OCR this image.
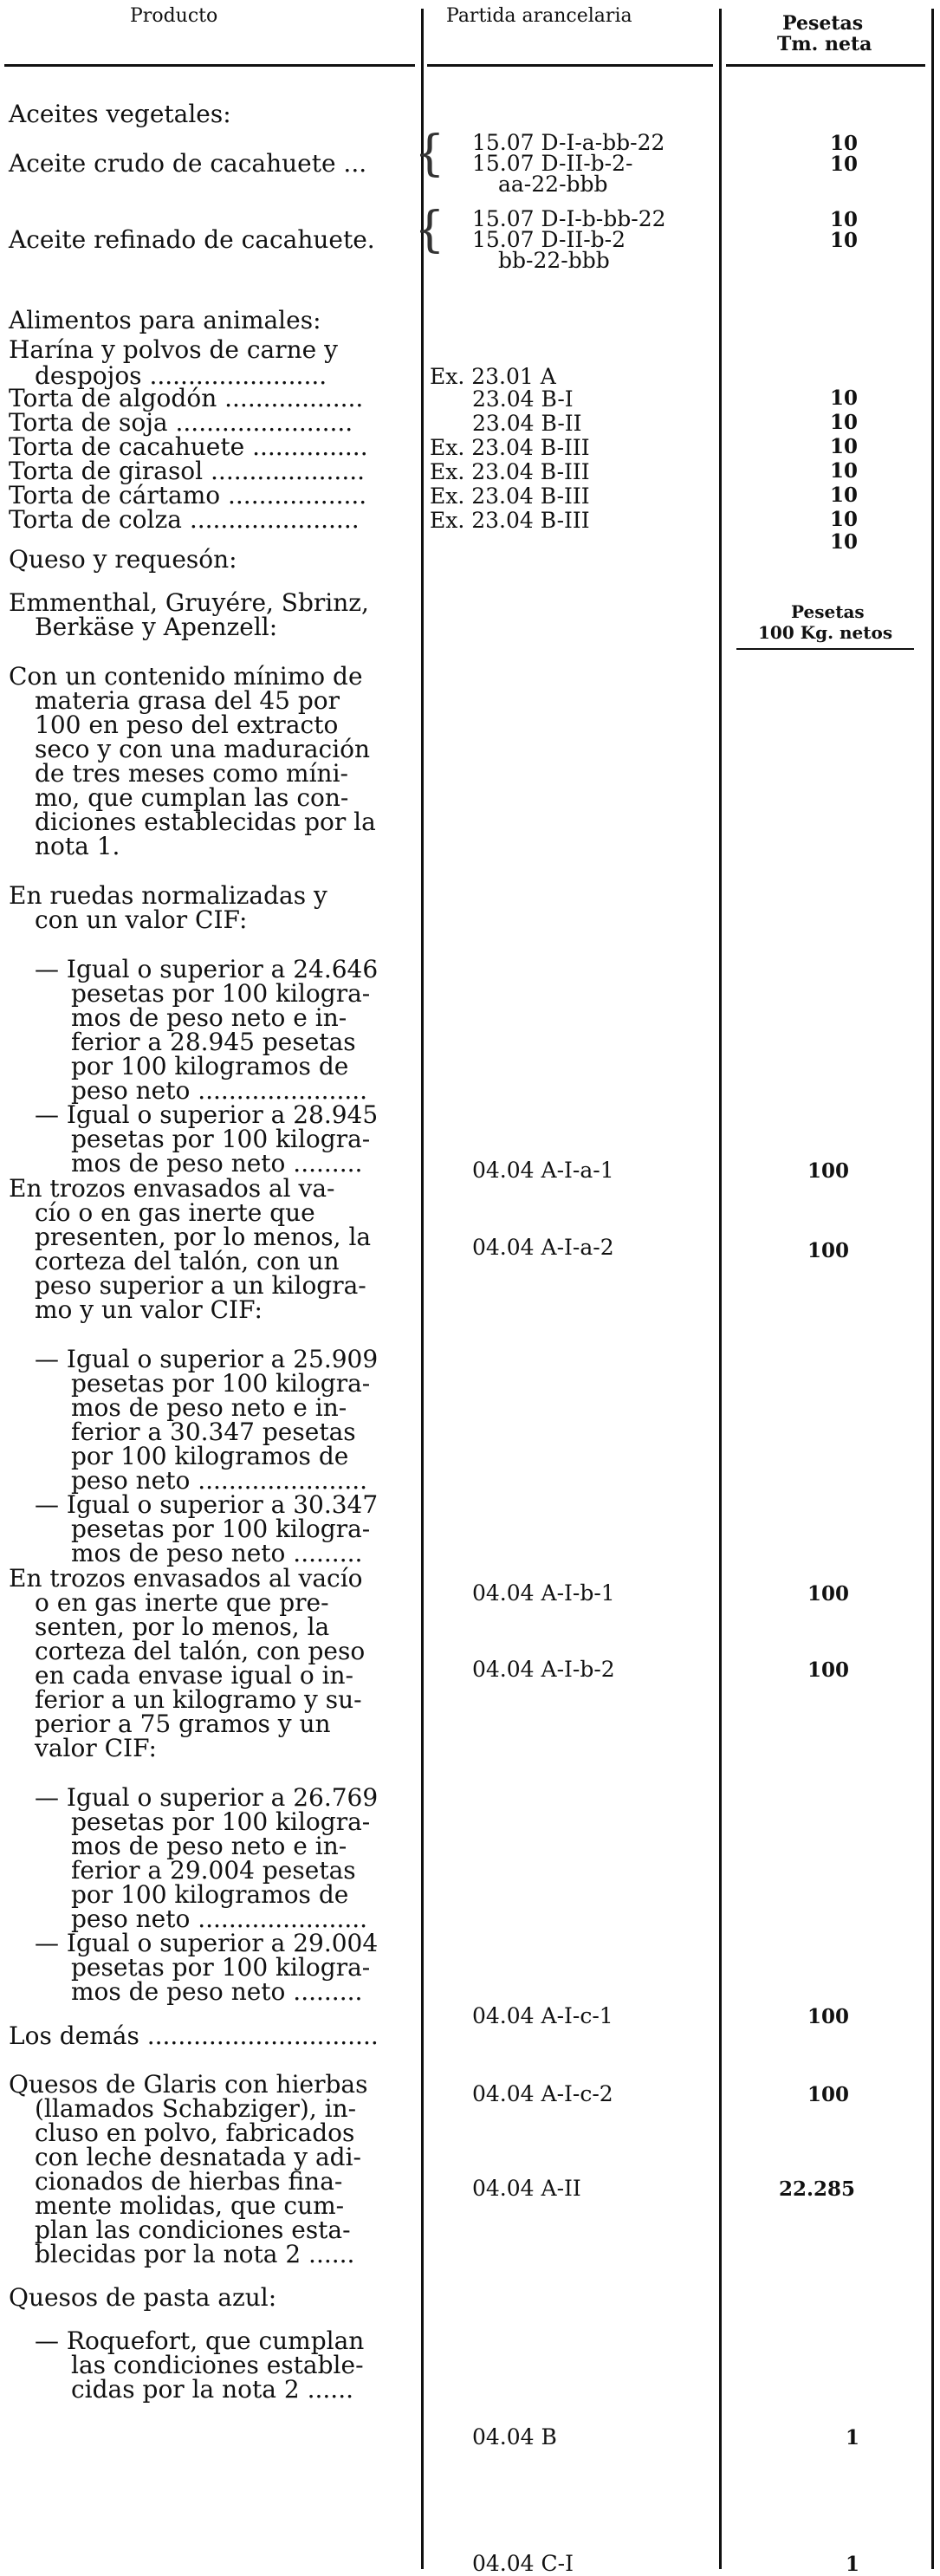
Producto	Partida arancelaria	Pesetas
Tm. neta
Aceites vegetales:
Aceite crudo de cacahuete ...
Aceite refinado de cacahuete.
Alimentos para animales:
Harína y polvos de carne y
despojos .......................
Torta de algodón ..................
Torta de soja .......................
Torta de cacahuete ...............
Torta de girasol ....................
Torta de cártamo ..................
Torta de colza ......................
Queso y requesón:
Emmenthal, Gruyére, Sbrinz,
Berkäse y Apenzell:
Con un contenido mínimo de
materia grasa del 45 por
100 en peso del extracto
seco y con una maduración
de tres meses como míni-
mo, que cumplan las con-
diciones establecidas por la
nota 1.
En ruedas normalizadas y
con un valor CIF:
— Igual o superior a 24.646
pesetas por 100 kilogra-
mos de peso neto e in-
ferior a 28.945 pesetas
por 100 kilogramos de
peso neto ......................
— Igual o superior a 28.945
pesetas por 100 kilogra-
mos de peso neto .........
En trozos envasados al va-
cío o en gas inerte que
presenten, por lo menos, la
corteza del talón, con un
peso superior a un kilogra-
mo y un valor CIF:
— Igual o superior a 25.909
pesetas por 100 kilogra-
mos de peso neto e in-
ferior a 30.347 pesetas
por 100 kilogramos de
peso neto ......................
— Igual o superior a 30.347
pesetas por 100 kilogra-
mos de peso neto .........
En trozos envasados al vacío
o en gas inerte que pre-
senten, por lo menos, la
corteza del talón, con peso
en cada envase igual o in-
ferior a un kilogramo y su-
perior a 75 gramos y un
valor CIF:
— Igual o superior a 26.769
pesetas por 100 kilogra-
mos de peso neto e in-
ferior a 29.004 pesetas
por 100 kilogramos de
peso neto ......................
— Igual o superior a 29.004
pesetas por 100 kilogra-
mos de peso neto .........
Los demás ..............................
Quesos de Glaris con hierbas
(llamados Schabziger), in-
cluso en polvo, fabricados
con leche desnatada y adi-
cionados de hierbas fina-
mente molidas, que cum-
plan las condiciones esta-
blecidas por la nota 2 ......
Quesos de pasta azul:
— Roquefort, que cumplan
las condiciones estable-
cidas por la nota 2 ......
{
{
15.07 D-I-a-bb-22
15.07 D-II-b-2-
aa-22-bbb
15.07 D-I-b-bb-22
15.07 D-II-b-2
bb-22-bbb
Ex. 23.01 A
23.04 B-I
23.04 B-II
Ex. 23.04 B-III
Ex. 23.04 B-III
Ex. 23.04 B-III
Ex. 23.04 B-III
04.04 A-I-a-1
04.04 A-I-a-2
04.04 A-I-b-1
04.04 A-I-b-2
04.04 A-I-c-1
04.04 A-I-c-2
04.04 A-II
04.04 B
04.04 C-I
10
10
10
10
10
10
10
10
10
10
10
100
100
100
100
100
100
22.285
1
1
Pesetas
100 Kg. netos
